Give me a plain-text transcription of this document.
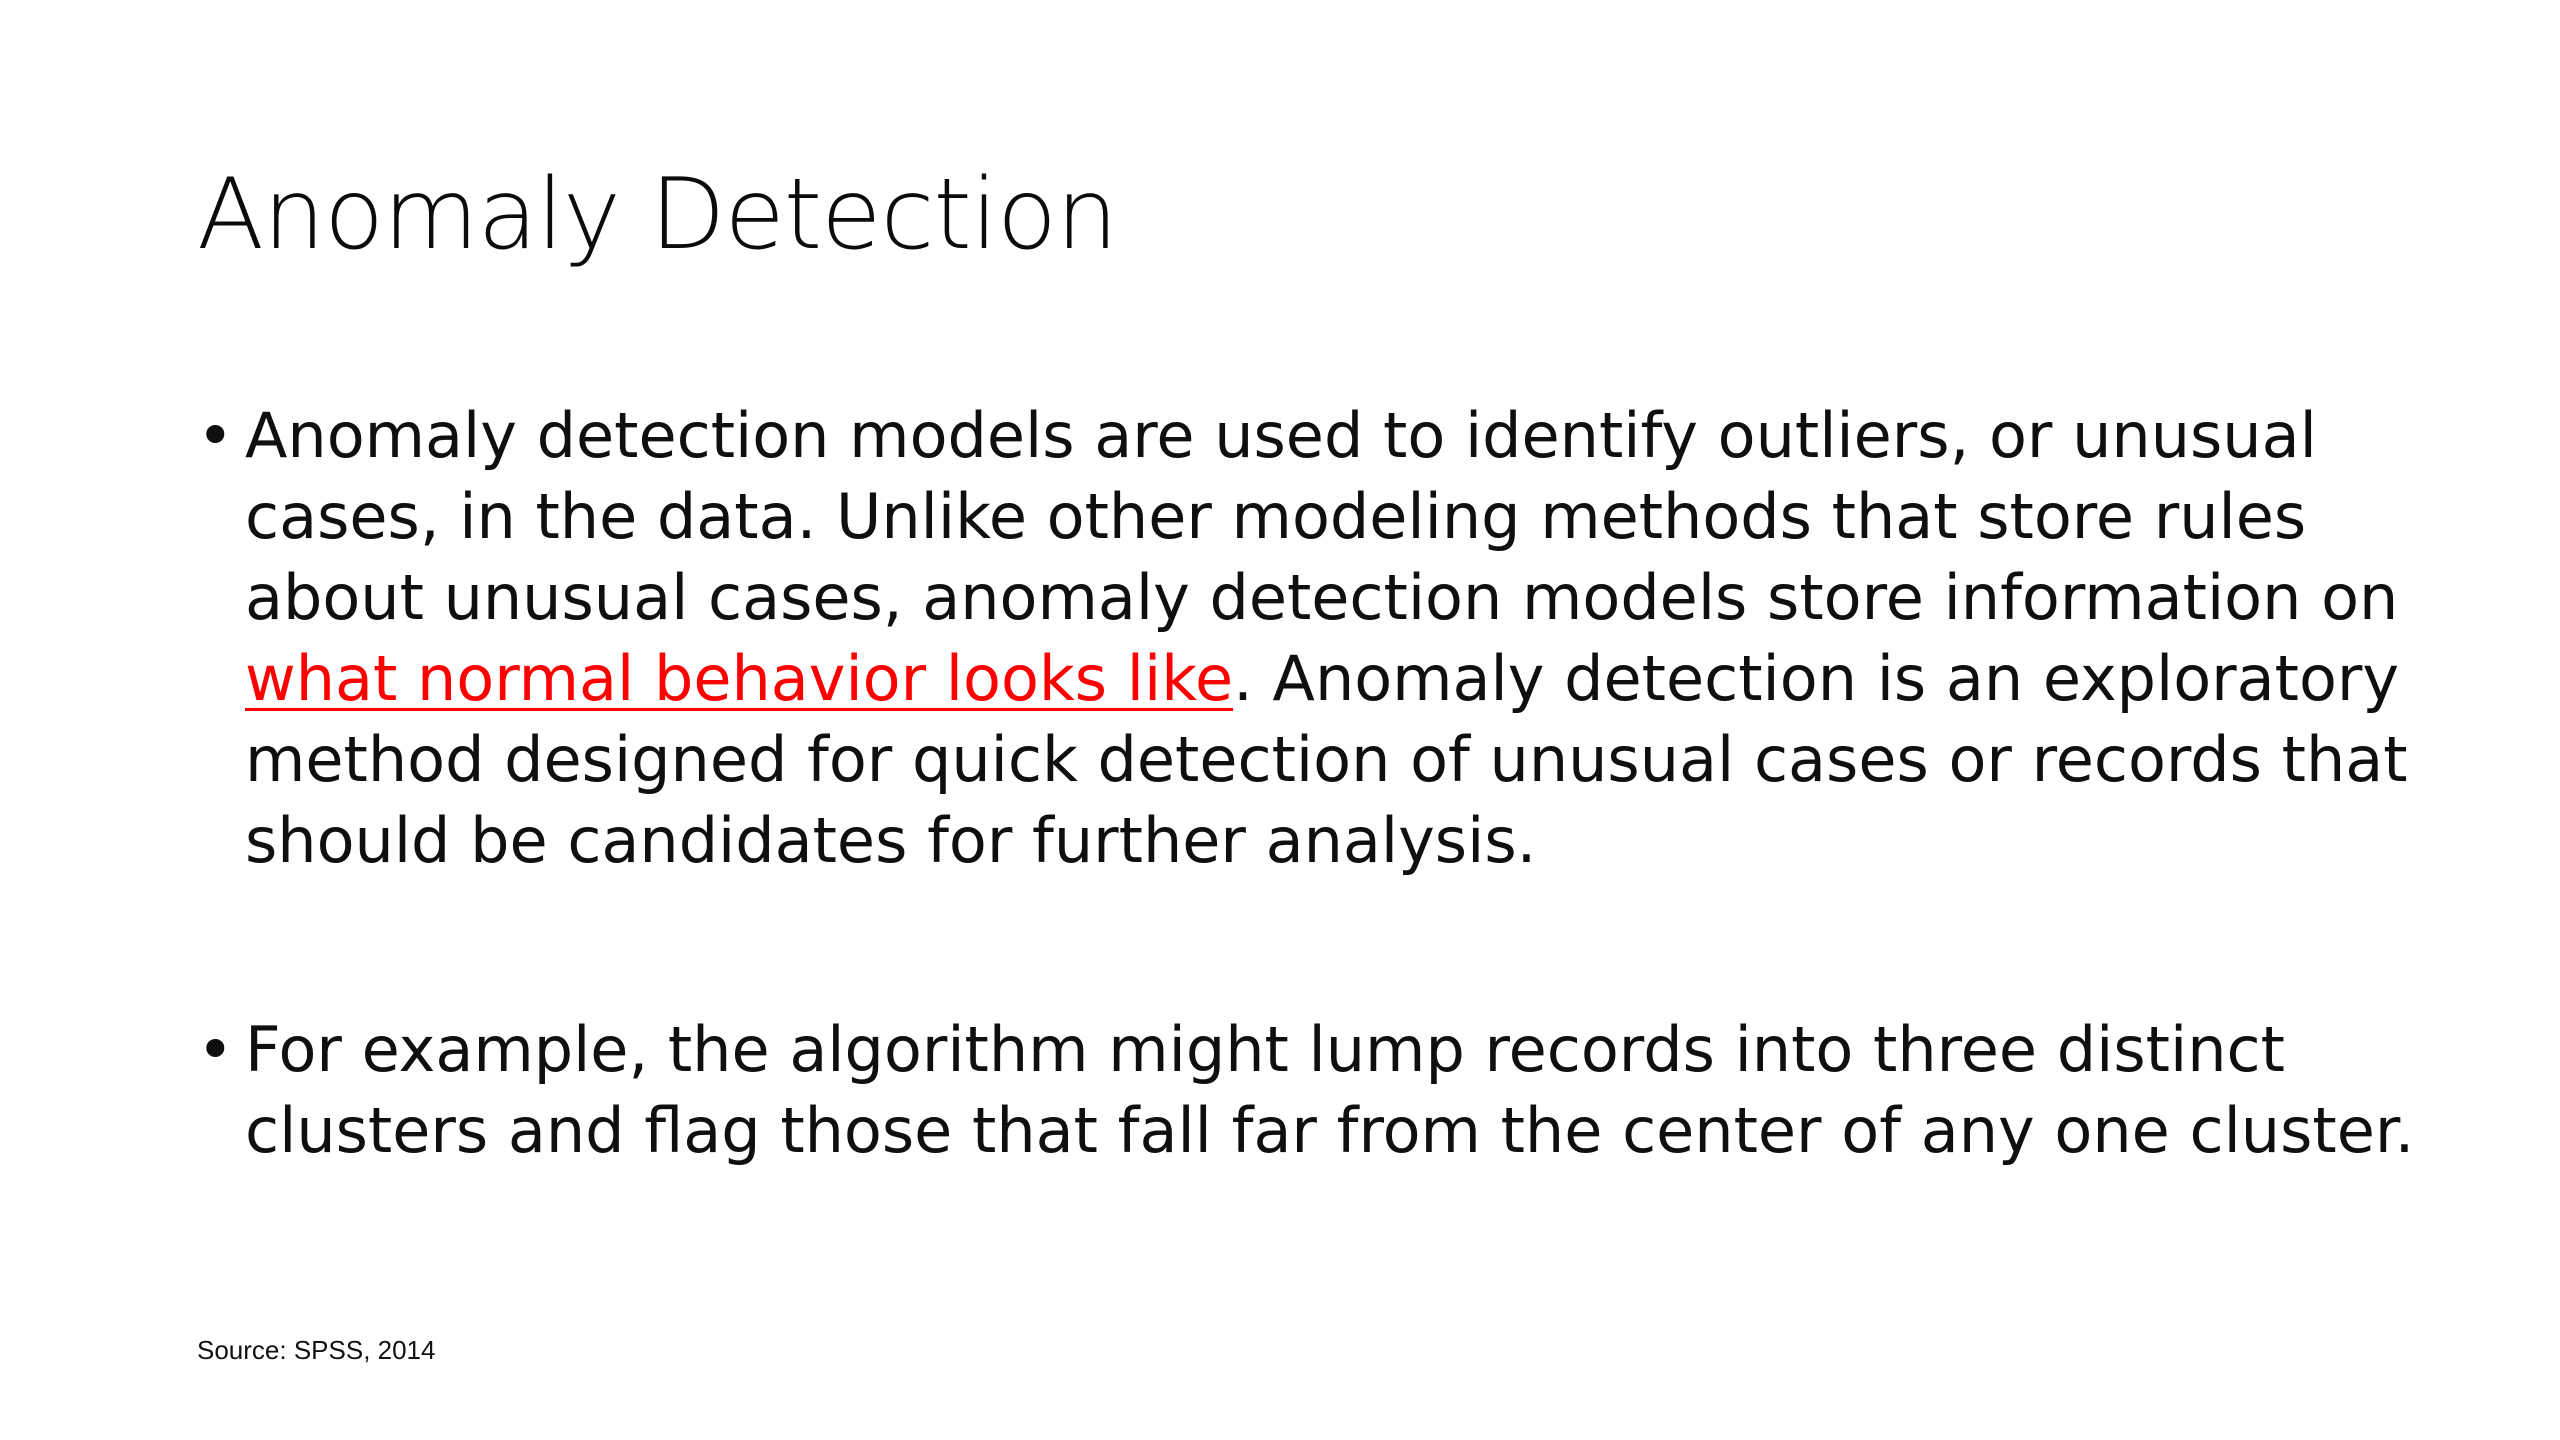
Anomaly Detection
• Anomaly detection models are used to identify outliers, or unusual
cases, in the data. Unlike other modeling methods that store rules
about unusual cases, anomaly detection models store information on
what normal behavior looks like. Anomaly detection is an exploratory
method designed for quick detection of unusual cases or records that
should be candidates for further analysis.
• For example, the algorithm might lump records into three distinct
clusters and flag those that fall far from the center of any one cluster.
Source: SPSS, 2014
